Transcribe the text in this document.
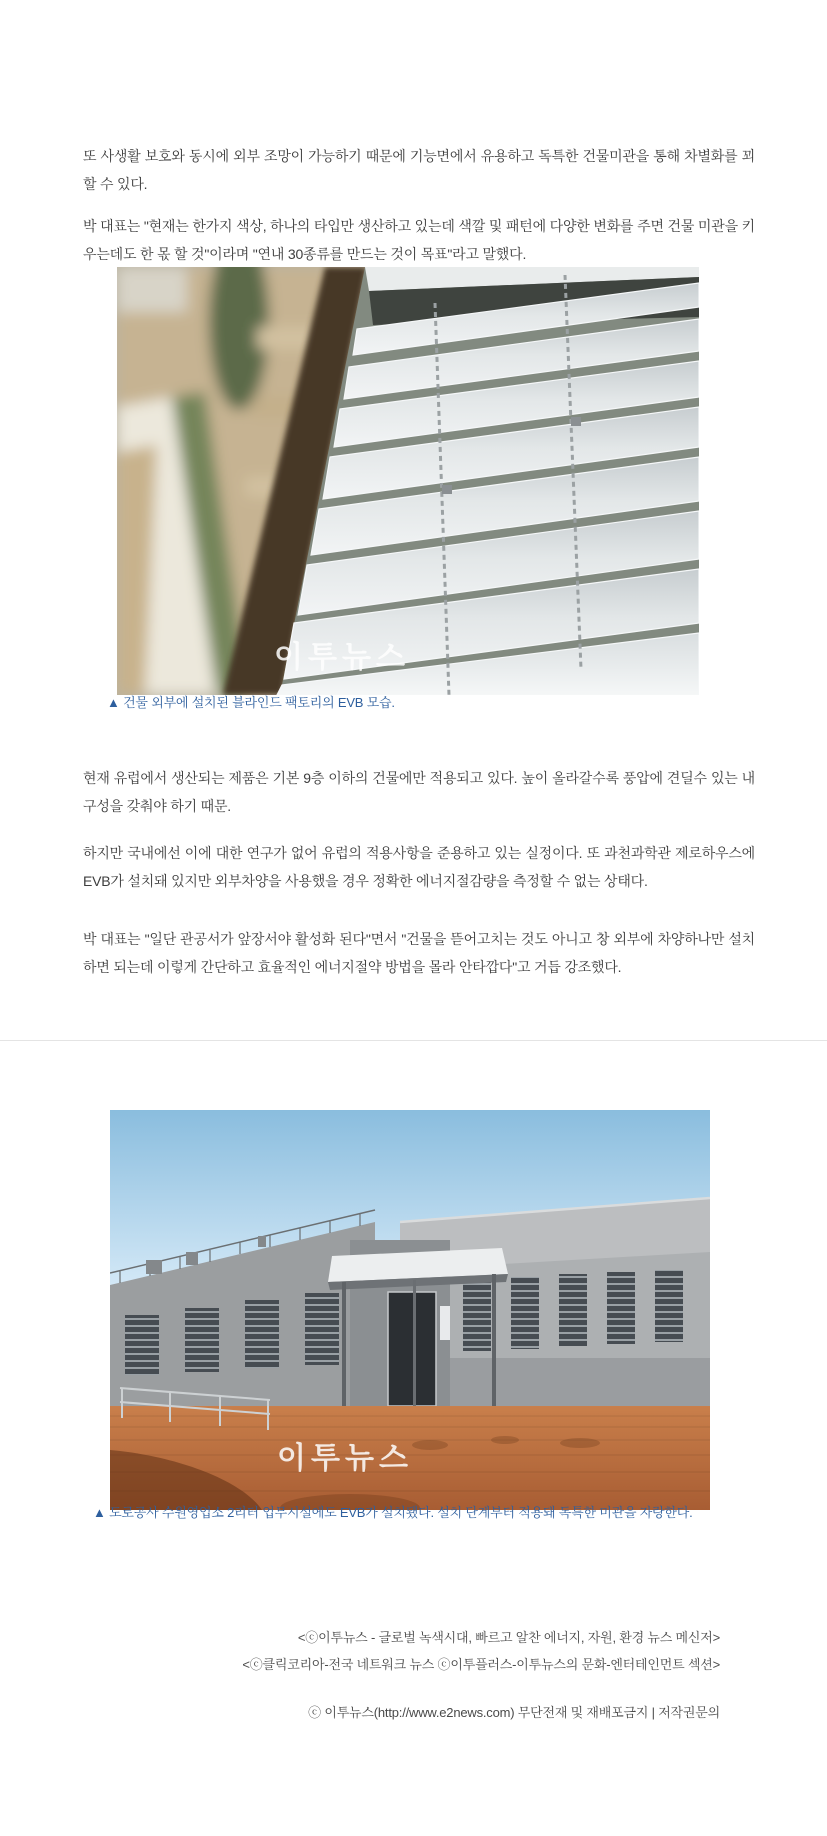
또 사생활 보호와 동시에 외부 조망이 가능하기 때문에 기능면에서 유용하고 독특한 건물미관을 통해 차별화를 꾀할 수 있다.

박 대표는 "현재는 한가지 색상, 하나의 타입만 생산하고 있는데 색깔 및 패턴에 다양한 변화를 주면 건물 미관을 키우는데도 한 몫 할 것"이라며 "연내 30종류를 만드는 것이 목표"라고 말했다.

이투뉴스
▲ 건물 외부에 설치된 블라인드 팩토리의 EVB 모습.

현재 유럽에서 생산되는 제품은 기본 9층 이하의 건물에만 적용되고 있다. 높이 올라갈수록 풍압에 견딜수 있는 내구성을 갖춰야 하기 때문.

하지만 국내에선 이에 대한 연구가 없어 유럽의 적용사항을 준용하고 있는 실정이다. 또 과천과학관 제로하우스에 EVB가 설치돼 있지만 외부차양을 사용했을 경우 정확한 에너지절감량을 측정할 수 없는 상태다.

박 대표는 "일단 관공서가 앞장서야 활성화 된다"면서 "건물을 뜯어고치는 것도 아니고 창 외부에 차양하나만 설치하면 되는데 이렇게 간단하고 효율적인 에너지절약 방법을 몰라 안타깝다"고 거듭 강조했다.

이투뉴스
▲ 도로공사 수원영업소 2리터 업무시설에도 EVB가 설치됐다. 설치 단계부터 적용돼 독특한 미관을 자랑한다.
<ⓒ이투뉴스 - 글로벌 녹색시대, 빠르고 알찬 에너지, 자원, 환경 뉴스 메신저>
<ⓒ클릭코리아-전국 네트워크 뉴스 ⓒ이투플러스-이투뉴스의 문화-엔터테인먼트 섹션>
ⓒ 이투뉴스(http://www.e2news.com) 무단전재 및 재배포금지 | 저작권문의
